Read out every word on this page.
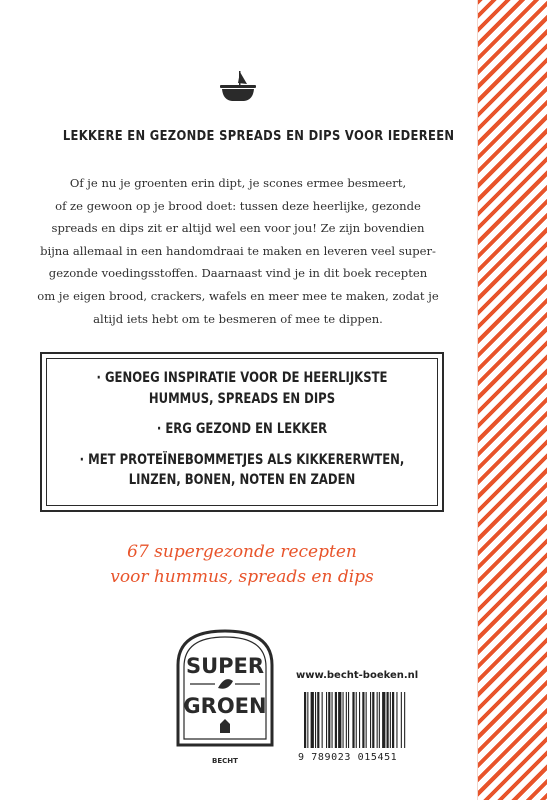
LEKKERE EN GEZONDE SPREADS EN DIPS VOOR IEDEREEN
Of je nu je groenten erin dipt, je scones ermee besmeert,
of ze gewoon op je brood doet: tussen deze heerlijke, gezonde
spreads en dips zit er altijd wel een voor jou! Ze zijn bovendien
bijna allemaal in een handomdraai te maken en leveren veel super-
gezonde voedingsstoffen. Daarnaast vind je in dit boek recepten
om je eigen brood, crackers, wafels en meer mee te maken, zodat je
altijd iets hebt om te besmeren of mee te dippen.
· GENOEG INSPIRATIE VOOR DE HEERLIJKSTE
HUMMUS, SPREADS EN DIPS
· ERG GEZOND EN LEKKER
· MET PROTEÏNEBOMMETJES ALS KIKKERERWTEN,
LINZEN, BONEN, NOTEN EN ZADEN
67 supergezonde recepten
voor hummus, spreads en dips
SUPER
GROEN
BECHT
www.becht-boeken.nl
9 789023 015451
